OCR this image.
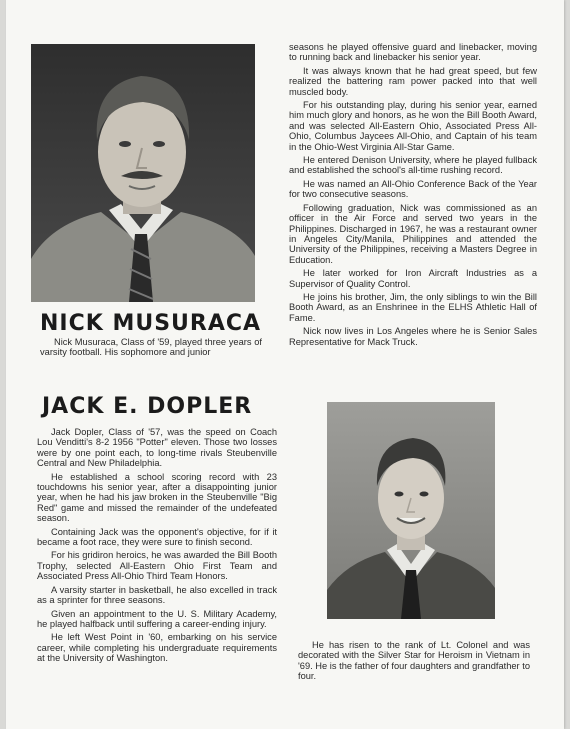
NICK MUSURACA

Nick Musuraca, Class of '59, played three years of varsity football. His sophomore and junior

seasons he played offensive guard and linebacker, moving to running back and linebacker his senior year.

It was always known that he had great speed, but few realized the battering ram power packed into that well muscled body.

For his outstanding play, during his senior year, earned him much glory and honors, as he won the Bill Booth Award, and was selected All-Eastern Ohio, Associated Press All-Ohio, Columbus Jaycees All-Ohio, and Captain of his team in the Ohio-West Virginia All-Star Game.

He entered Denison University, where he played fullback and established the school's all-time rushing record.

He was named an All-Ohio Conference Back of the Year for two consecutive seasons.

Following graduation, Nick was commissioned as an officer in the Air Force and served two years in the Philippines. Discharged in 1967, he was a restaurant owner in Angeles City/Manila, Philippines and attended the University of the Philippines, receiving a Masters Degree in Education.

He later worked for Iron Aircraft Industries as a Supervisor of Quality Control.

He joins his brother, Jim, the only siblings to win the Bill Booth Award, as an Enshrinee in the ELHS Athletic Hall of Fame.

Nick now lives in Los Angeles where he is Senior Sales Representative for Mack Truck.

JACK E. DOPLER

Jack Dopler, Class of '57, was the speed on Coach Lou Venditti's 8-2 1956 "Potter" eleven. Those two losses were by one point each, to long-time rivals Steubenville Central and New Philadelphia.

He established a school scoring record with 23 touchdowns his senior year, after a disappointing junior year, when he had his jaw broken in the Steubenville "Big Red" game and missed the remainder of the undefeated season.

Containing Jack was the opponent's objective, for if it became a foot race, they were sure to finish second.

For his gridiron heroics, he was awarded the Bill Booth Trophy, selected All-Eastern Ohio First Team and Associated Press All-Ohio Third Team Honors.

A varsity starter in basketball, he also excelled in track as a sprinter for three seasons.

Given an appointment to the U. S. Military Academy, he played halfback until suffering a career-ending injury.

He left West Point in '60, embarking on his service career, while completing his undergraduate requirements at the University of Washington.

He has risen to the rank of Lt. Colonel and was decorated with the Silver Star for Heroism in Vietnam in '69. He is the father of four daughters and grandfather to four.
